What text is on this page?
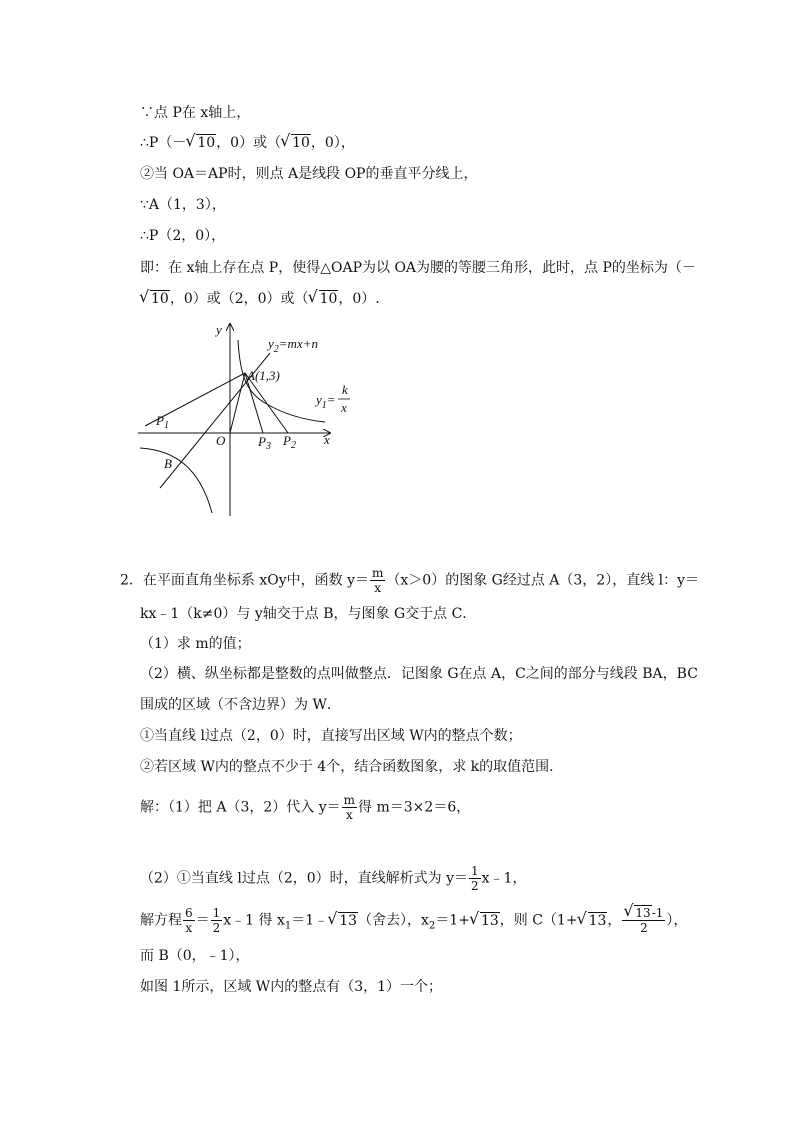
∵点 P在 x轴上，
∴P（－√ 10，0）或（√ 10，0），
②当 OA＝AP时，则点 A是线段 OP的垂直平分线上，
∵A（1，3），
∴P（2，0），
即：在 x轴上存在点 P，使得△OAP为以 OA为腰的等腰三角形，此时，点 P的坐标为（－
√ 10，0）或（2，0）或（√ 10，0）.
y
x
O
$y_2=mx+n$
A(1,3)
$y_1=$
k
x
$P_1$
$P_3$ $P_2$
B
2．在平面直角坐标系 xOy中，函数 $y= \frac{m}{x} (x>0)$的图象 G经过点 A（3，2），直线 l：y＝
kx﹣1（k≠0）与 y轴交于点 B，与图象 G交于点 C．
（1）求 m的值；
（2）横、纵坐标都是整数的点叫做整点．记图象 G在点 A，C之间的部分与线段 BA，BC
围成的区域（不含边界）为 W．
①当直线 l过点（2，0）时，直接写出区域 W内的整点个数；
②若区域 W内的整点不少于 4个，结合函数图象，求 k的取值范围．
解：（1）把 A（3，2）代入 $y= \frac{m}{x}$ 得 m＝3×2＝6，
（2）①当直线 l过点（2，0）时，直线解析式为 $y= \frac{1}{2}$ x﹣1，
解方程 $\frac{6}{x} = \frac{1}{2}$ x﹣1 得 $x_1=1﹣√$ 13（舍去），$x_2=1+√$ 13，则 C（1+√ 13，
√ $\frac{13-1}{2}$ ），
而 B（0，﹣1），
如图 1所示，区域 W内的整点有（3，1）一个；
